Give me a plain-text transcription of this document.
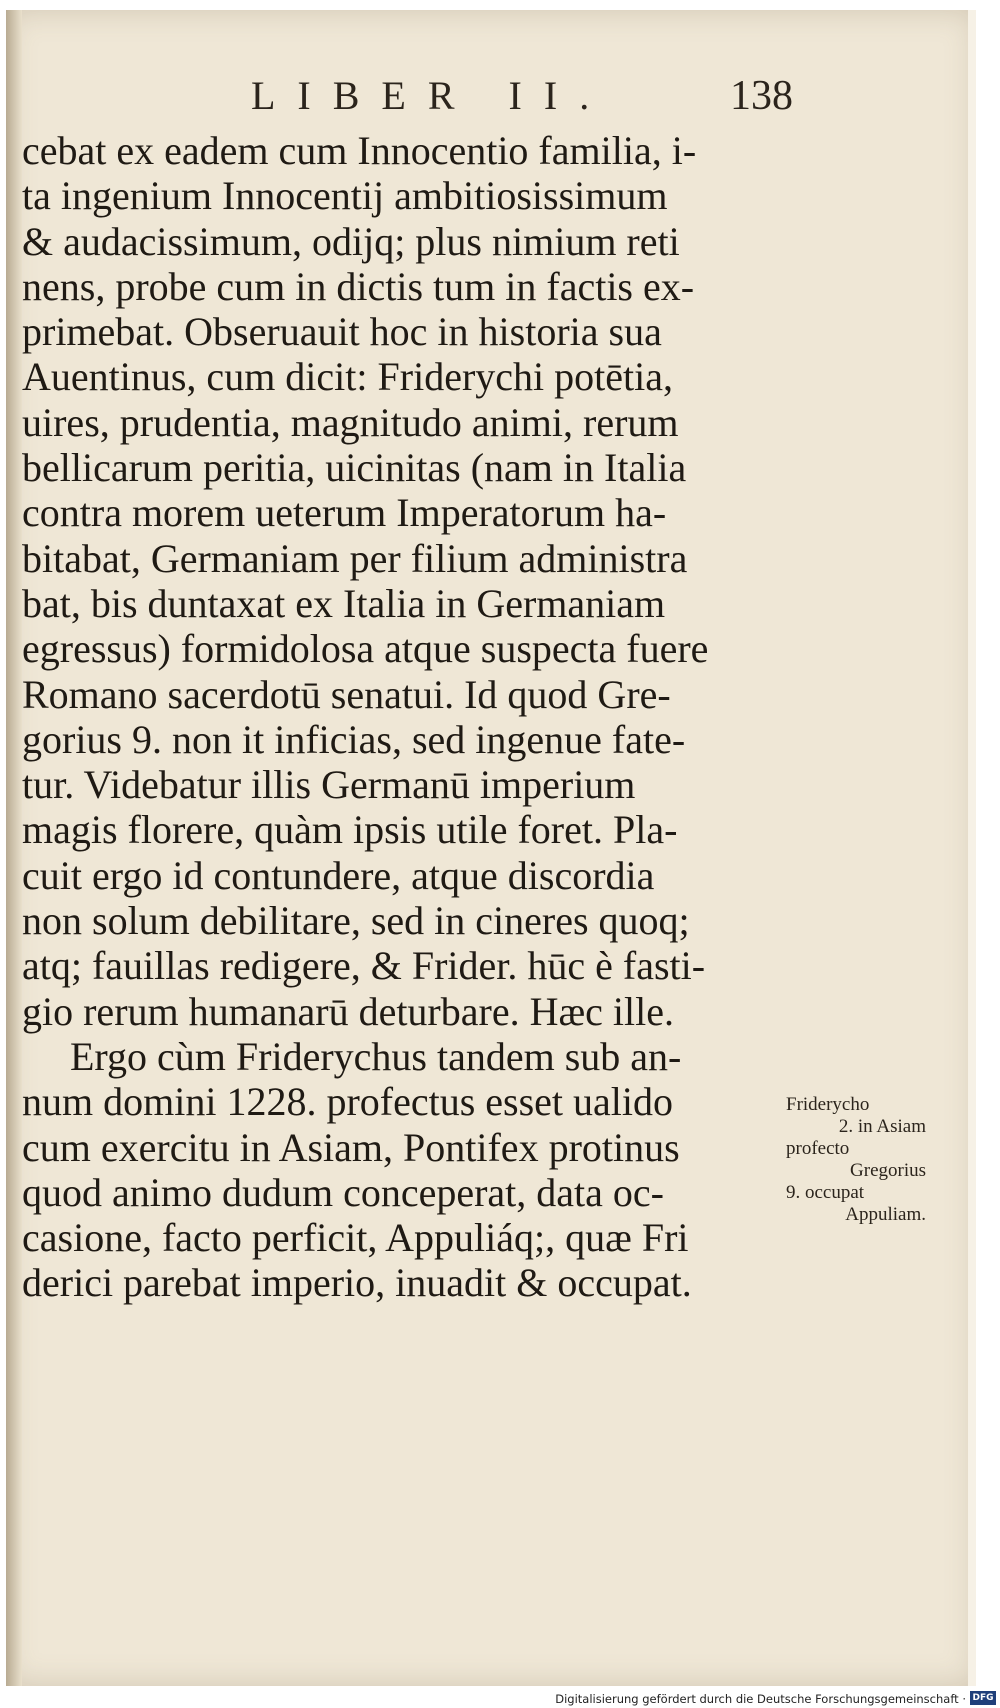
LIBER II.	138
cebat ex eadem cum Innocentio familia, i-
ta ingenium Innocentij ambitiosissimum
& audacissimum, odijq; plus nimium reti
nens, probe cum in dictis tum in factis ex-
primebat. Obseruauit hoc in historia sua
Auentinus, cum dicit: Friderychi potētia,
uires, prudentia, magnitudo animi, rerum
bellicarum peritia, uicinitas (nam in Italia
contra morem ueterum Imperatorum ha-
bitabat, Germaniam per filium administra
bat, bis duntaxat ex Italia in Germaniam
egressus) formidolosa atque suspecta fuere
Romano sacerdotū senatui. Id quod Gre-
gorius 9. non it inficias, sed ingenue fate-
tur. Videbatur illis Germanū imperium
magis florere, quàm ipsis utile foret. Pla-
cuit ergo id contundere, atque discordia
non solum debilitare, sed in cineres quoq;
atq; fauillas redigere, & Frider. hūc è fasti-
gio rerum humanarū deturbare. Hæc ille.
Ergo cùm Friderychus tandem sub an-
num domini 1228. profectus esset ualido
cum exercitu in Asiam, Pontifex protinus
quod animo dudum conceperat, data oc-
casione, facto perficit, Appuliáq;, quæ Fri
derici parebat imperio, inuadit & occupat.
Friderycho
2. in Asiam
profecto
Gregorius
9. occupat
Appuliam.
Digitalisierung gefördert durch die Deutsche Forschungsgemeinschaft · DFG
